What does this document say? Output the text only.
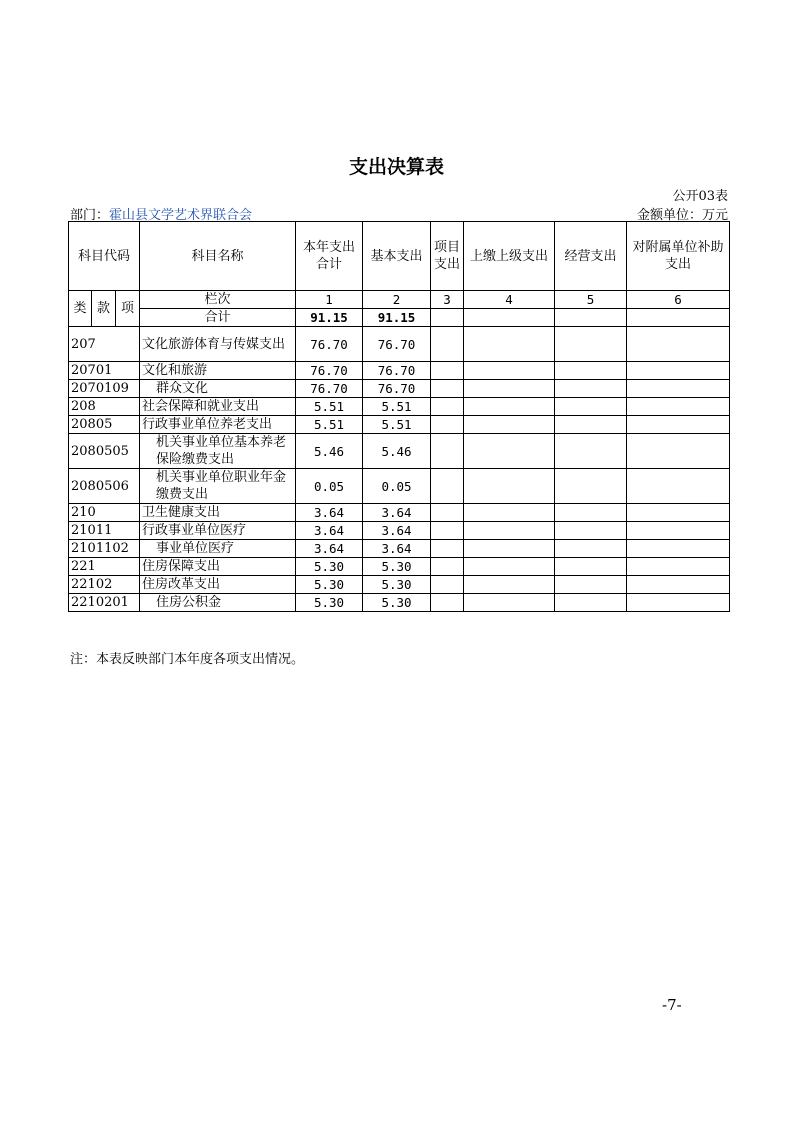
支出决算表
公开03表
部门：霍山县文学艺术界联合会	金额单位：万元
科目代码			科目名称	本年支出合计	基本支出	项目支出	上缴上级支出	经营支出	对附属单位补助支出
类	款	项	栏次	1	2	3	4	5	6
			合计	91.15	91.15				
207			文化旅游体育与传媒支出	76.70	76.70				
20701			文化和旅游	76.70	76.70				
2070109			群众文化	76.70	76.70				
208			社会保障和就业支出	5.51	5.51				
20805			行政事业单位养老支出	5.51	5.51				
2080505			机关事业单位基本养老保险缴费支出	5.46	5.46				
2080506			机关事业单位职业年金缴费支出	0.05	0.05				
210			卫生健康支出	3.64	3.64				
21011			行政事业单位医疗	3.64	3.64				
2101102			事业单位医疗	3.64	3.64				
221			住房保障支出	5.30	5.30				
22102			住房改革支出	5.30	5.30				
2210201			住房公积金	5.30	5.30				
注：本表反映部门本年度各项支出情况。
-7-
